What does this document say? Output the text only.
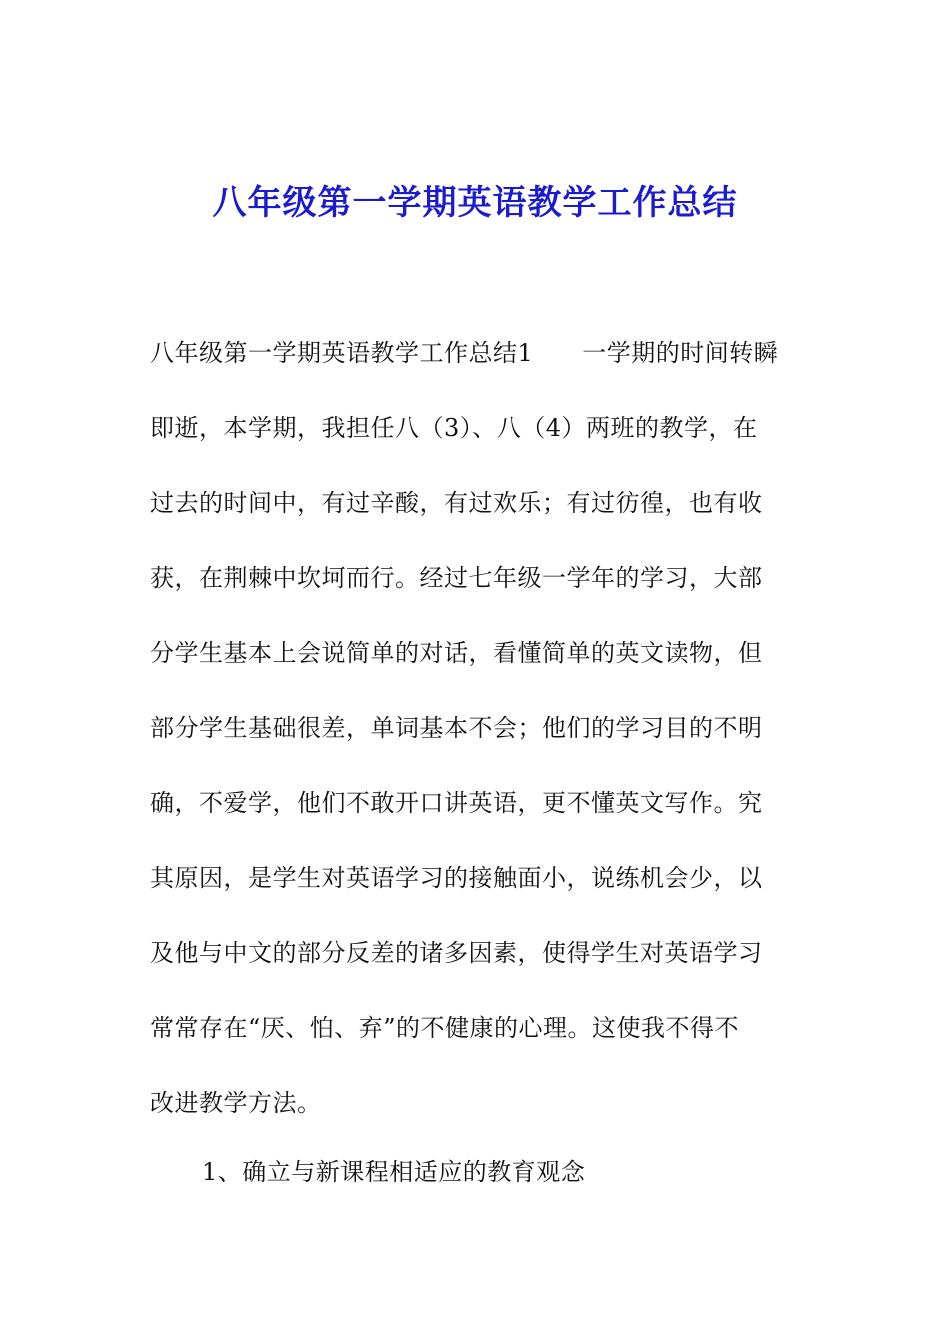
八年级第一学期英语教学工作总结
八年级第一学期英语教学工作总结1　　一学期的时间转瞬
即逝，本学期，我担任八（3）、八（4）两班的教学，在
过去的时间中，有过辛酸，有过欢乐；有过彷徨，也有收
获，在荆棘中坎坷而行。经过七年级一学年的学习，大部
分学生基本上会说简单的对话，看懂简单的英文读物，但
部分学生基础很差，单词基本不会；他们的学习目的不明
确，不爱学，他们不敢开口讲英语，更不懂英文写作。究
其原因，是学生对英语学习的接触面小，说练机会少，以
及他与中文的部分反差的诸多因素，使得学生对英语学习
常常存在“厌、怕、弃”的不健康的心理。这使我不得不
改进教学方法。

1、确立与新课程相适应的教育观念
